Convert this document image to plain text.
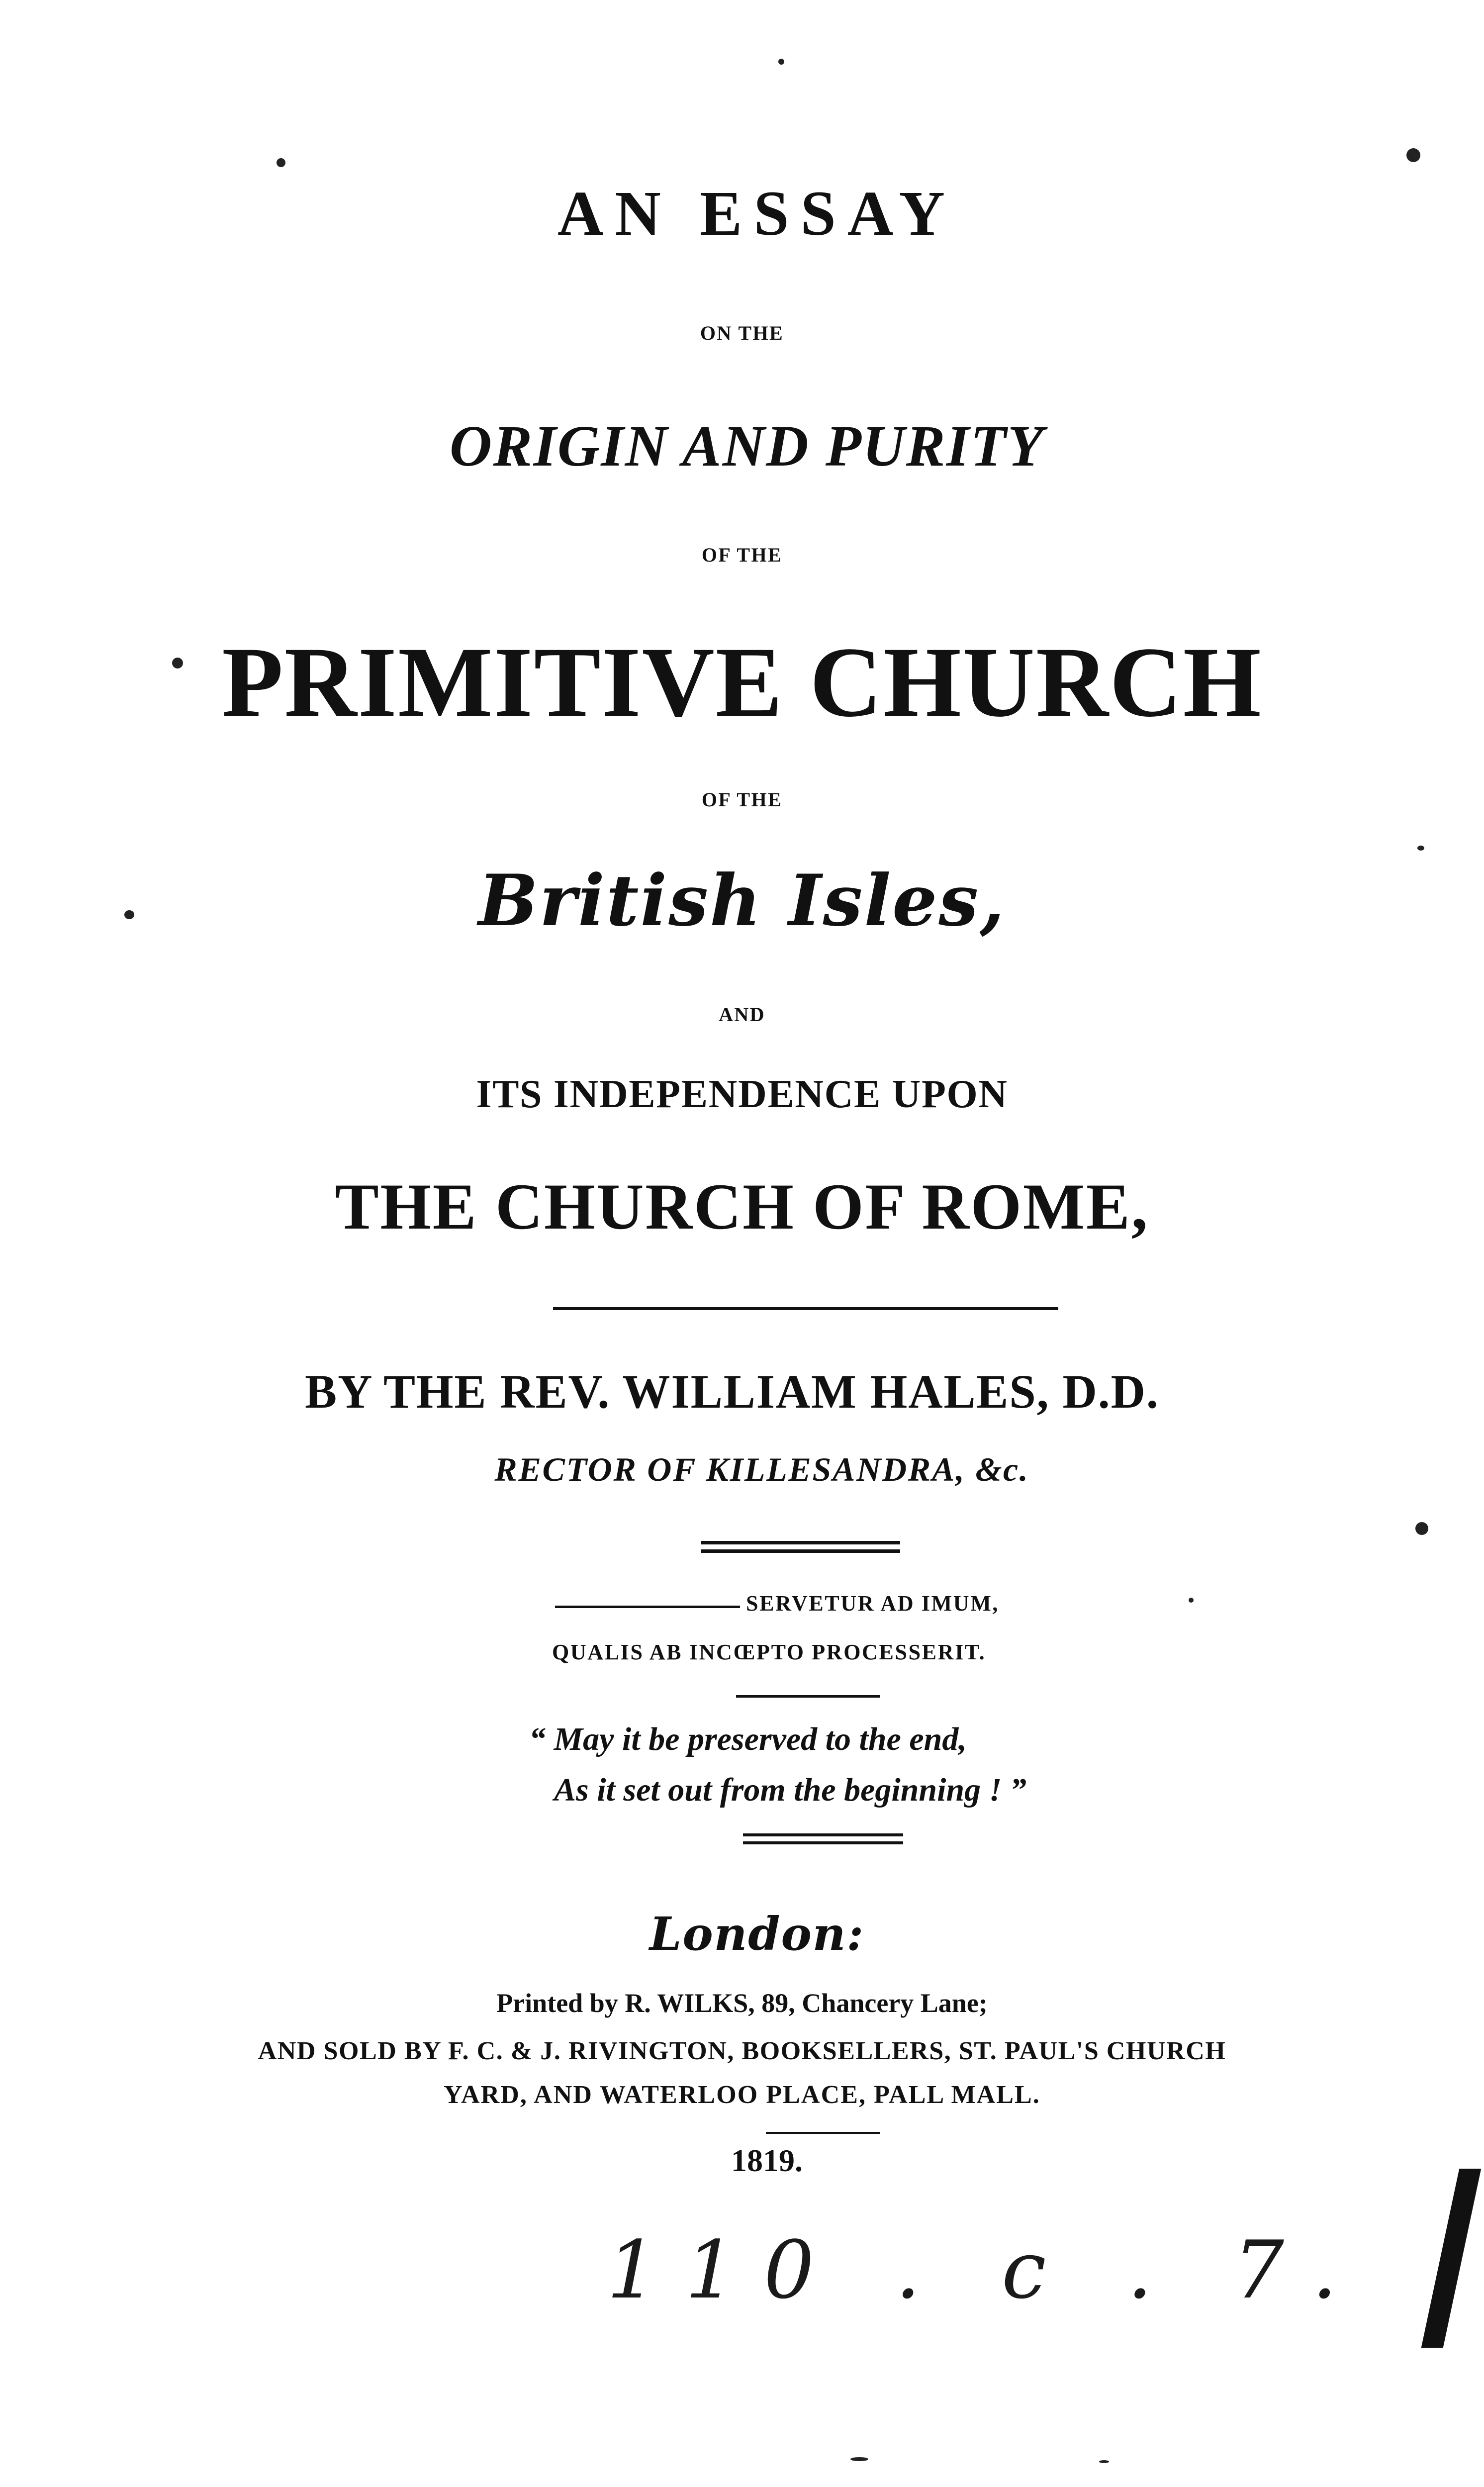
AN ESSAY
ON THE
ORIGIN AND PURITY
OF THE
PRIMITIVE CHURCH
OF THE
British Isles,
AND
ITS INDEPENDENCE UPON
THE CHURCH OF ROME,
BY THE REV. WILLIAM HALES, D.D.
RECTOR OF KILLESANDRA, &c.
SERVETUR AD IMUM,
QUALIS AB INCŒPTO PROCESSERIT.
“ May it be preserved to the end,
As it set out from the beginning ! ”
London:
Printed by R. WILKS, 89, Chancery Lane;
AND SOLD BY F. C. & J. RIVINGTON, BOOKSELLERS, ST. PAUL'S CHURCH
YARD, AND WATERLOO PLACE, PALL MALL.
1819.
110 . c . 7.
